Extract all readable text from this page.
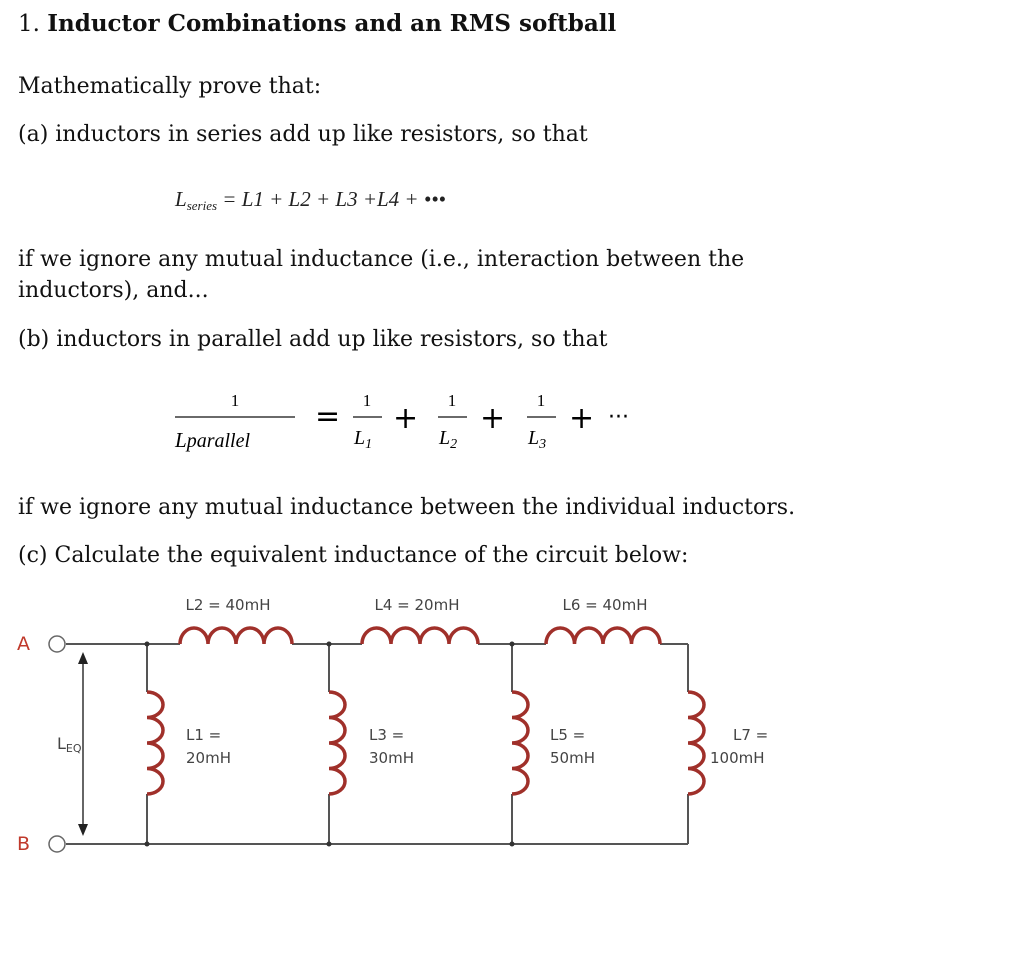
1. Inductor Combinations and an RMS softball
Mathematically prove that:
(a) inductors in series add up like resistors, so that
$L_{series} = L1 + L2 + L3 +L4$ + •••
if we ignore any mutual inductance (i.e., interaction between the
inductors), and...
(b) inductors in parallel add up like resistors, so that
1
Lparallel
= 1
$L_1$
+
1
$L_2$
+
1
$L_3$
+ ···
if we ignore any mutual inductance between the individual inductors.
(c) Calculate the equivalent inductance of the circuit below:
A
B
LEQ
L2 = 40mH	L4 = 20mH	L6 = 40mH
L1 =
20mH
L3 =
30mH
L5 =
50mH
L7 =
100mH
